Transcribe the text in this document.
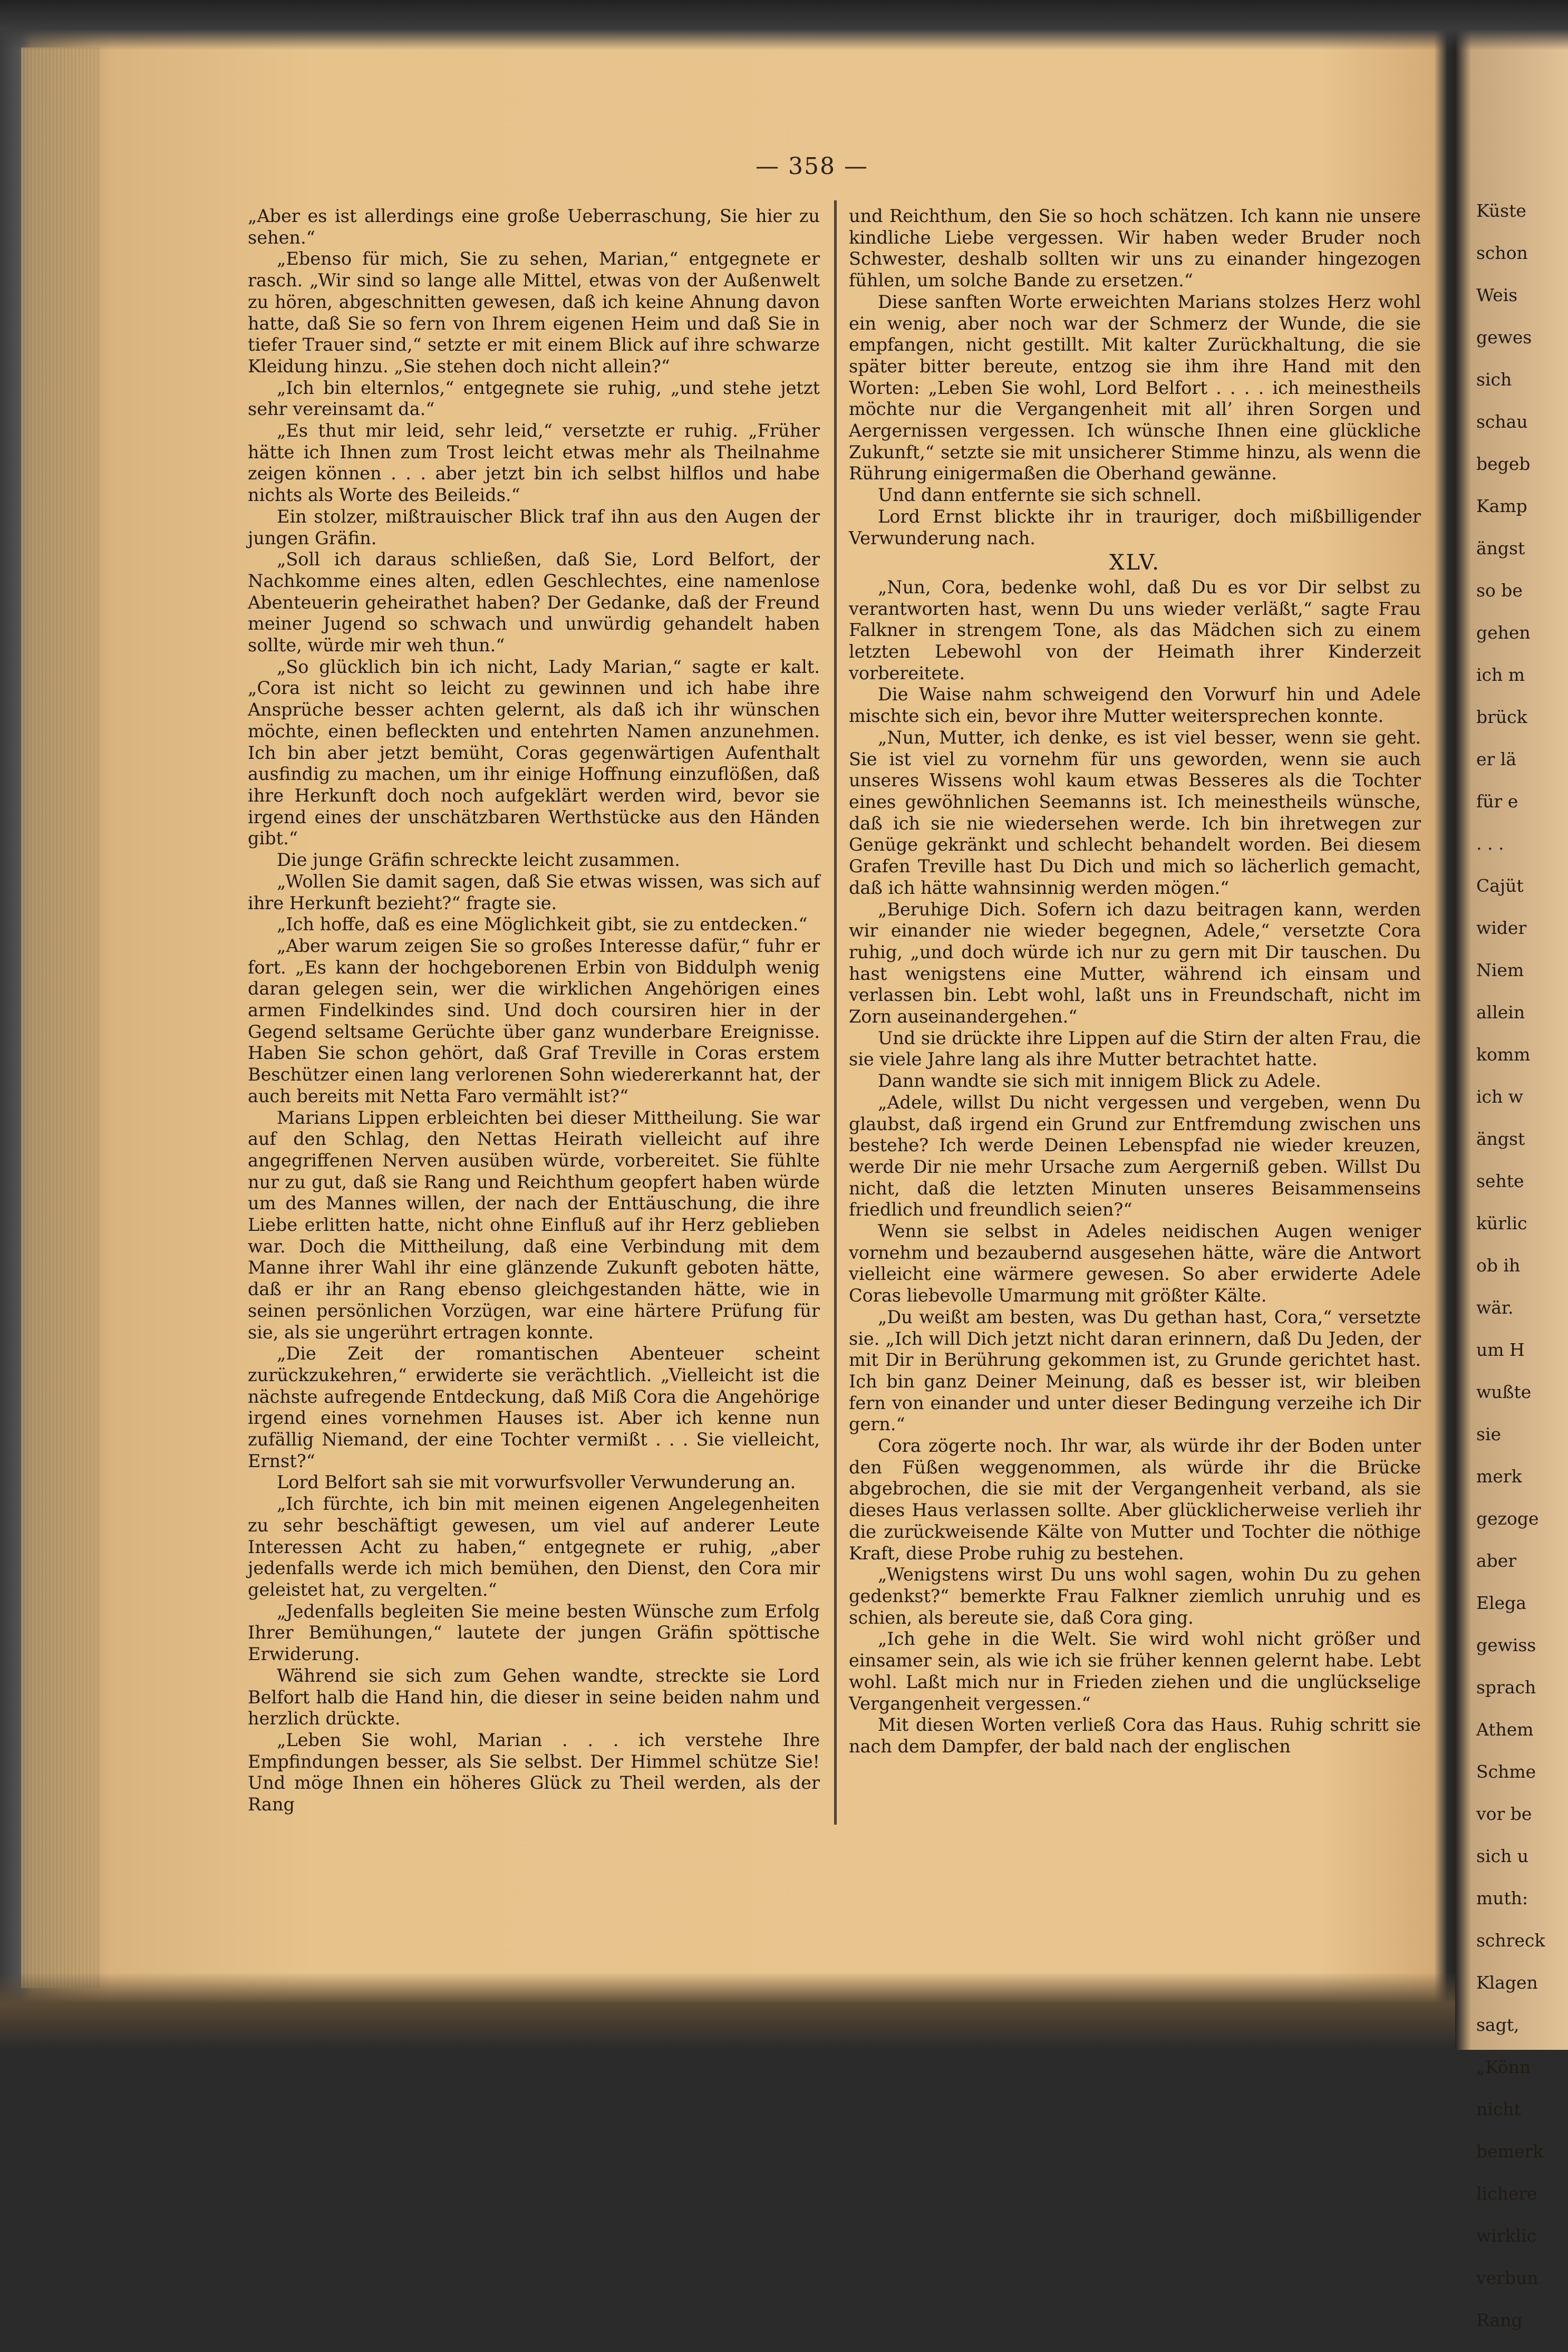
— 358 —

„Aber es ist allerdings eine große Ueberraschung, Sie hier zu sehen.“

„Ebenso für mich, Sie zu sehen, Marian,“ entgegnete er rasch. „Wir sind so lange alle Mittel, etwas von der Außenwelt zu hören, abgeschnitten gewesen, daß ich keine Ahnung davon hatte, daß Sie so fern von Ihrem eigenen Heim und daß Sie in tiefer Trauer sind,“ setzte er mit einem Blick auf ihre schwarze Kleidung hinzu. „Sie stehen doch nicht allein?“

„Ich bin elternlos,“ entgegnete sie ruhig, „und stehe jetzt sehr vereinsamt da.“

„Es thut mir leid, sehr leid,“ versetzte er ruhig. „Früher hätte ich Ihnen zum Trost leicht etwas mehr als Theilnahme zeigen können . . . aber jetzt bin ich selbst hilflos und habe nichts als Worte des Beileids.“

Ein stolzer, mißtrauischer Blick traf ihn aus den Augen der jungen Gräfin.

„Soll ich daraus schließen, daß Sie, Lord Belfort, der Nachkomme eines alten, edlen Geschlechtes, eine namenlose Abenteuerin geheirathet haben? Der Gedanke, daß der Freund meiner Jugend so schwach und unwürdig gehandelt haben sollte, würde mir weh thun.“

„So glücklich bin ich nicht, Lady Marian,“ sagte er kalt. „Cora ist nicht so leicht zu gewinnen und ich habe ihre Ansprüche besser achten gelernt, als daß ich ihr wünschen möchte, einen befleckten und entehrten Namen anzunehmen. Ich bin aber jetzt bemüht, Coras gegenwärtigen Aufenthalt ausfindig zu machen, um ihr einige Hoffnung einzuflößen, daß ihre Herkunft doch noch aufgeklärt werden wird, bevor sie irgend eines der unschätzbaren Werthstücke aus den Händen gibt.“

Die junge Gräfin schreckte leicht zusammen.

„Wollen Sie damit sagen, daß Sie etwas wissen, was sich auf ihre Herkunft bezieht?“ fragte sie.

„Ich hoffe, daß es eine Möglichkeit gibt, sie zu entdecken.“

„Aber warum zeigen Sie so großes Interesse dafür,“ fuhr er fort. „Es kann der hochgeborenen Erbin von Biddulph wenig daran gelegen sein, wer die wirklichen Angehörigen eines armen Findelkindes sind. Und doch coursiren hier in der Gegend seltsame Gerüchte über ganz wunderbare Ereignisse. Haben Sie schon gehört, daß Graf Treville in Coras erstem Beschützer einen lang verlorenen Sohn wiedererkannt hat, der auch bereits mit Netta Faro vermählt ist?“

Marians Lippen erbleichten bei dieser Mittheilung. Sie war auf den Schlag, den Nettas Heirath vielleicht auf ihre angegriffenen Nerven ausüben würde, vorbereitet. Sie fühlte nur zu gut, daß sie Rang und Reichthum geopfert haben würde um des Mannes willen, der nach der Enttäuschung, die ihre Liebe erlitten hatte, nicht ohne Einfluß auf ihr Herz geblieben war. Doch die Mittheilung, daß eine Verbindung mit dem Manne ihrer Wahl ihr eine glänzende Zukunft geboten hätte, daß er ihr an Rang ebenso gleichgestanden hätte, wie in seinen persönlichen Vorzügen, war eine härtere Prüfung für sie, als sie ungerührt ertragen konnte.

„Die Zeit der romantischen Abenteuer scheint zurückzukehren,“ erwiderte sie verächtlich. „Vielleicht ist die nächste aufregende Entdeckung, daß Miß Cora die Angehörige irgend eines vornehmen Hauses ist. Aber ich kenne nun zufällig Niemand, der eine Tochter vermißt . . . Sie vielleicht, Ernst?“

Lord Belfort sah sie mit vorwurfsvoller Verwunderung an.

„Ich fürchte, ich bin mit meinen eigenen Angelegenheiten zu sehr beschäftigt gewesen, um viel auf anderer Leute Interessen Acht zu haben,“ entgegnete er ruhig, „aber jedenfalls werde ich mich bemühen, den Dienst, den Cora mir geleistet hat, zu vergelten.“

„Jedenfalls begleiten Sie meine besten Wünsche zum Erfolg Ihrer Bemühungen,“ lautete der jungen Gräfin spöttische Erwiderung.

Während sie sich zum Gehen wandte, streckte sie Lord Belfort halb die Hand hin, die dieser in seine beiden nahm und herzlich drückte.

„Leben Sie wohl, Marian . . . ich verstehe Ihre Empfindungen besser, als Sie selbst. Der Himmel schütze Sie! Und möge Ihnen ein höheres Glück zu Theil werden, als der Rang

und Reichthum, den Sie so hoch schätzen. Ich kann nie unsere kindliche Liebe vergessen. Wir haben weder Bruder noch Schwester, deshalb sollten wir uns zu einander hingezogen fühlen, um solche Bande zu ersetzen.“

Diese sanften Worte erweichten Marians stolzes Herz wohl ein wenig, aber noch war der Schmerz der Wunde, die sie empfangen, nicht gestillt. Mit kalter Zurückhaltung, die sie später bitter bereute, entzog sie ihm ihre Hand mit den Worten: „Leben Sie wohl, Lord Belfort . . . . ich meinestheils möchte nur die Vergangenheit mit all’ ihren Sorgen und Aergernissen vergessen. Ich wünsche Ihnen eine glückliche Zukunft,“ setzte sie mit unsicherer Stimme hinzu, als wenn die Rührung einigermaßen die Oberhand gewänne.

Und dann entfernte sie sich schnell.

Lord Ernst blickte ihr in trauriger, doch mißbilligender Verwunderung nach.

XLV.

„Nun, Cora, bedenke wohl, daß Du es vor Dir selbst zu verantworten hast, wenn Du uns wieder verläßt,“ sagte Frau Falkner in strengem Tone, als das Mädchen sich zu einem letzten Lebewohl von der Heimath ihrer Kinderzeit vorbereitete.

Die Waise nahm schweigend den Vorwurf hin und Adele mischte sich ein, bevor ihre Mutter weitersprechen konnte.

„Nun, Mutter, ich denke, es ist viel besser, wenn sie geht. Sie ist viel zu vornehm für uns geworden, wenn sie auch unseres Wissens wohl kaum etwas Besseres als die Tochter eines gewöhnlichen Seemanns ist. Ich meinestheils wünsche, daß ich sie nie wiedersehen werde. Ich bin ihretwegen zur Genüge gekränkt und schlecht behandelt worden. Bei diesem Grafen Treville hast Du Dich und mich so lächerlich gemacht, daß ich hätte wahnsinnig werden mögen.“

„Beruhige Dich. Sofern ich dazu beitragen kann, werden wir einander nie wieder begegnen, Adele,“ versetzte Cora ruhig, „und doch würde ich nur zu gern mit Dir tauschen. Du hast wenigstens eine Mutter, während ich einsam und verlassen bin. Lebt wohl, laßt uns in Freundschaft, nicht im Zorn auseinandergehen.“

Und sie drückte ihre Lippen auf die Stirn der alten Frau, die sie viele Jahre lang als ihre Mutter betrachtet hatte.

Dann wandte sie sich mit innigem Blick zu Adele.

„Adele, willst Du nicht vergessen und vergeben, wenn Du glaubst, daß irgend ein Grund zur Entfremdung zwischen uns bestehe? Ich werde Deinen Lebenspfad nie wieder kreuzen, werde Dir nie mehr Ursache zum Aergerniß geben. Willst Du nicht, daß die letzten Minuten unseres Beisammenseins friedlich und freundlich seien?“

Wenn sie selbst in Adeles neidischen Augen weniger vornehm und bezaubernd ausgesehen hätte, wäre die Antwort vielleicht eine wärmere gewesen. So aber erwiderte Adele Coras liebevolle Umarmung mit größter Kälte.

„Du weißt am besten, was Du gethan hast, Cora,“ versetzte sie. „Ich will Dich jetzt nicht daran erinnern, daß Du Jeden, der mit Dir in Berührung gekommen ist, zu Grunde gerichtet hast. Ich bin ganz Deiner Meinung, daß es besser ist, wir bleiben fern von einander und unter dieser Bedingung verzeihe ich Dir gern.“

Cora zögerte noch. Ihr war, als würde ihr der Boden unter den Füßen weggenommen, als würde ihr die Brücke abgebrochen, die sie mit der Vergangenheit verband, als sie dieses Haus verlassen sollte. Aber glücklicherweise verlieh ihr die zurückweisende Kälte von Mutter und Tochter die nöthige Kraft, diese Probe ruhig zu bestehen.

„Wenigstens wirst Du uns wohl sagen, wohin Du zu gehen gedenkst?“ bemerkte Frau Falkner ziemlich unruhig und es schien, als bereute sie, daß Cora ging.

„Ich gehe in die Welt. Sie wird wohl nicht größer und einsamer sein, als wie ich sie früher kennen gelernt habe. Lebt wohl. Laßt mich nur in Frieden ziehen und die unglückselige Vergangenheit vergessen.“

Mit diesen Worten verließ Cora das Haus. Ruhig schritt sie nach dem Dampfer, der bald nach der englischen

Küste
schon
Weis
gewes
sich
schau
begeb
Kamp
ängst
so be
gehen
ich m
brück
er lä
für e
. . .
Cajüt
wider
Niem
allein
komm
ich w
ängst
sehte
kürlic
ob ih
wär.
um H
wußte
sie
merk
gezoge
aber
Elega
gewiss
sprach
Athem
Schme
vor be
sich u
muth:
schreck
Klagen
sagt,
„Könn
nicht
bemerk
lichere
wirklic
verbun
Rang
